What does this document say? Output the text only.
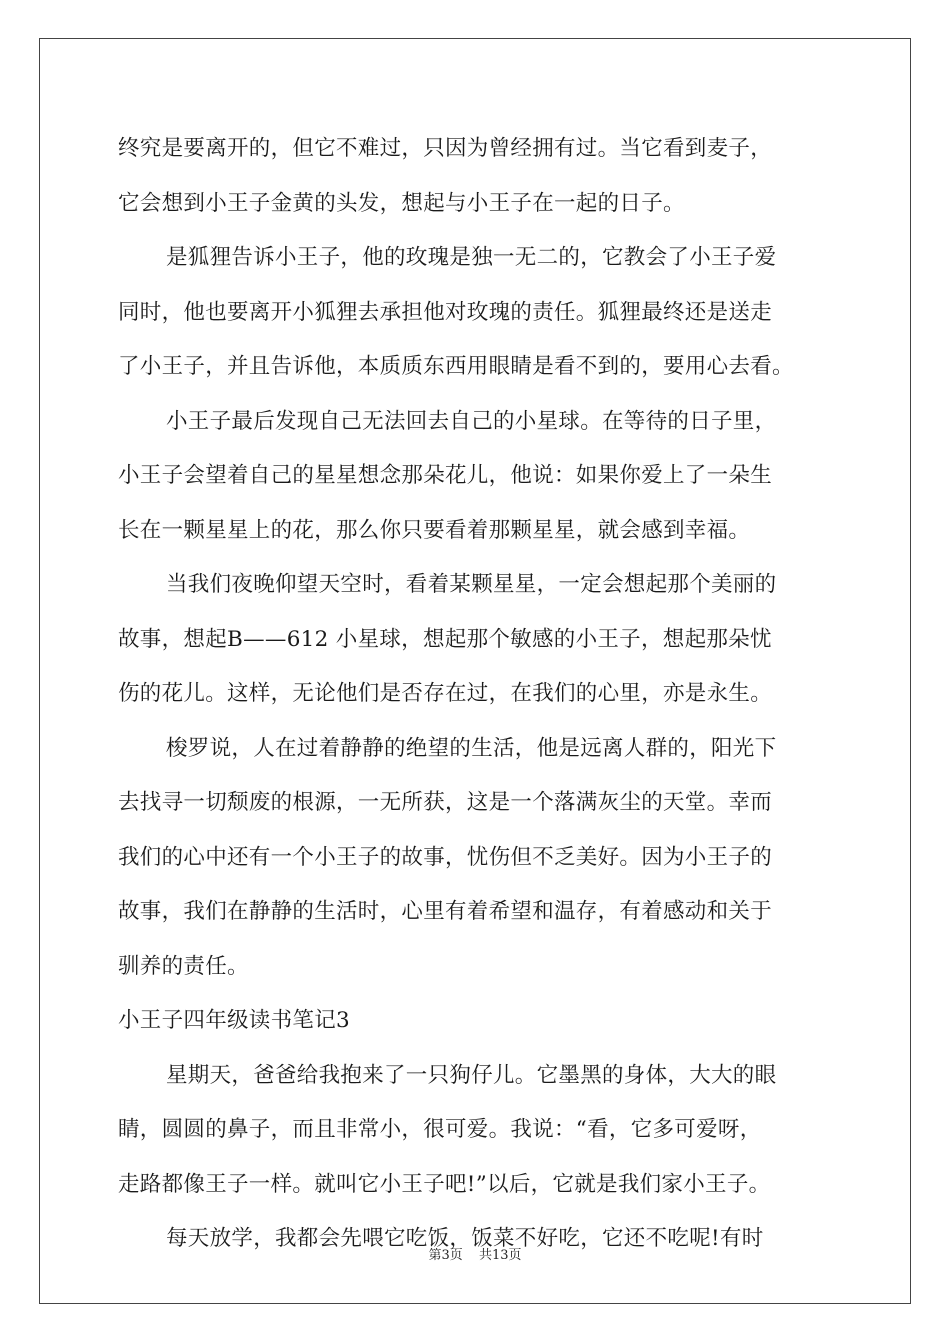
终究是要离开的，但它不难过，只因为曾经拥有过。当它看到麦子，
它会想到小王子金黄的头发，想起与小王子在一起的日子。
是狐狸告诉小王子，他的玫瑰是独一无二的，它教会了小王子爱
同时，他也要离开小狐狸去承担他对玫瑰的责任。狐狸最终还是送走
了小王子，并且告诉他，本质质东西用眼睛是看不到的，要用心去看。
小王子最后发现自己无法回去自己的小星球。在等待的日子里，
小王子会望着自己的星星想念那朵花儿，他说：如果你爱上了一朵生
长在一颗星星上的花，那么你只要看着那颗星星，就会感到幸福。
当我们夜晚仰望天空时，看着某颗星星，一定会想起那个美丽的
故事，想起B——612 小星球，想起那个敏感的小王子，想起那朵忧
伤的花儿。这样，无论他们是否存在过，在我们的心里，亦是永生。
梭罗说，人在过着静静的绝望的生活，他是远离人群的，阳光下
去找寻一切颓废的根源，一无所获，这是一个落满灰尘的天堂。幸而
我们的心中还有一个小王子的故事，忧伤但不乏美好。因为小王子的
故事，我们在静静的生活时，心里有着希望和温存，有着感动和关于
驯养的责任。
小王子四年级读书笔记3
星期天，爸爸给我抱来了一只狗仔儿。它墨黑的身体，大大的眼
睛，圆圆的鼻子，而且非常小，很可爱。我说：“看，它多可爱呀，
走路都像王子一样。就叫它小王子吧!”以后，它就是我们家小王子。
每天放学，我都会先喂它吃饭，饭菜不好吃，它还不吃呢!有时
第3页 共13页
